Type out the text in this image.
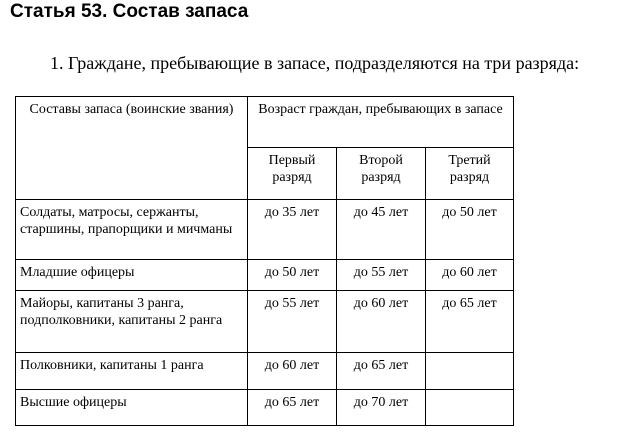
Статья 53. Состав запаса
1. Граждане, пребывающие в запасе, подразделяются на три разряда:
Составы запаса (воинские звания)	Возраст граждан, пребывающих в запасе		
	Первый разряд	Второй разряд	Третий разряд
Солдаты, матросы, сержанты, старшины, прапорщики и мичманы	до 35 лет	до 45 лет	до 50 лет
Младшие офицеры	до 50 лет	до 55 лет	до 60 лет
Майоры, капитаны 3 ранга, подполковники, капитаны 2 ранга	до 55 лет	до 60 лет	до 65 лет
Полковники, капитаны 1 ранга	до 60 лет	до 65 лет	
Высшие офицеры	до 65 лет	до 70 лет	
